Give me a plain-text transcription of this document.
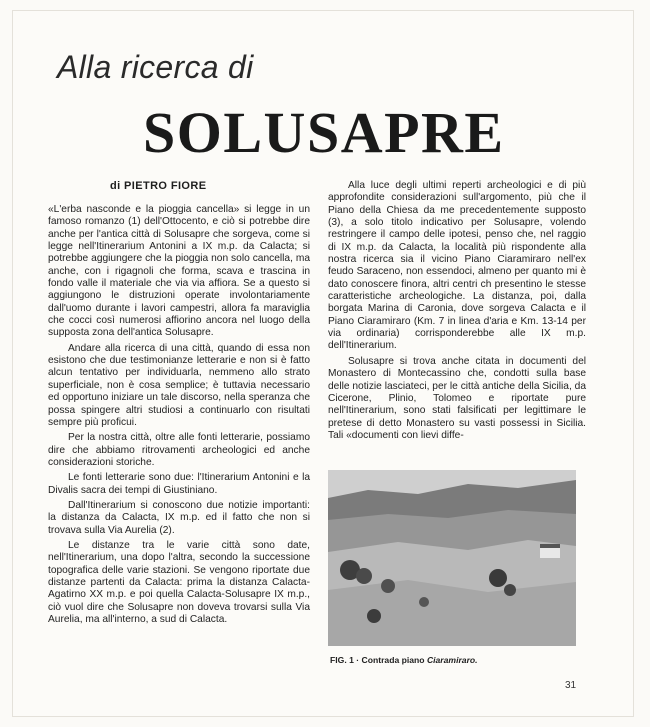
Alla ricerca di
SOLUSAPRE
di PIETRO FIORE

«L'erba nasconde e la pioggia cancella» si legge in un famoso romanzo (1) dell'Ottocento, e ciò si potrebbe dire anche per l'antica città di Solusapre che sorgeva, come si legge nell'Itinerarium Antonini a IX m.p. da Calacta; si potrebbe aggiungere che la pioggia non solo cancella, ma anche, con i rigagnoli che forma, scava e trascina in fondo valle il materiale che via via affiora. Se a questo si aggiungono le distruzioni operate involontariamente dall'uomo durante i lavori campestri, allora fa maraviglia che cocci così numerosi affiorino ancora nel luogo della supposta zona dell'antica Solusapre.

Andare alla ricerca di una città, quando di essa non esistono che due testimonianze letterarie e non si è fatto alcun tentativo per individuarla, nemmeno allo strato superficiale, non è cosa semplice; è tuttavia necessario ed opportuno iniziare un tale discorso, nella speranza che possa spingere altri studiosi a continuarlo con risultati sempre più proficui.

Per la nostra città, oltre alle fonti letterarie, possiamo dire che abbiamo ritrovamenti archeologici ed anche considerazioni storiche.

Le fonti letterarie sono due: l'Itinerarium Antonini e la Divalis sacra dei tempi di Giustiniano.

Dall'Itinerarium si conoscono due notizie importanti: la distanza da Calacta, IX m.p. ed il fatto che non si trovava sulla Via Aurelia (2).

Le distanze tra le varie città sono date, nell'Itinerarium, una dopo l'altra, secondo la successione topografica delle varie stazioni. Se vengono riportate due distanze partenti da Calacta: prima la distanza Calacta-Agatirno XX m.p. e poi quella Calacta-Solusapre IX m.p., ciò vuol dire che Solusapre non doveva trovarsi sulla Via Aurelia, ma all'interno, a sud di Calacta.

Alla luce degli ultimi reperti archeologici e di più approfondite considerazioni sull'argomento, più che il Piano della Chiesa da me precedentemente supposto (3), a solo titolo indicativo per Solusapre, volendo restringere il campo delle ipotesi, penso che, nel raggio di IX m.p. da Calacta, la località più rispondente alla nostra ricerca sia il vicino Piano Ciaramiraro nell'ex feudo Saraceno, non essendoci, almeno per quanto mi è dato conoscere finora, altri centri ch presentino le stesse caratteristiche archeologiche. La distanza, poi, dalla borgata Marina di Caronia, dove sorgeva Calacta e il Piano Ciaramiraro (Km. 7 in linea d'aria e Km. 13-14 per via ordinaria) corrisponderebbe alle IX m.p. dell'Itinerarium.

Solusapre si trova anche citata in documenti del Monastero di Montecassino che, condotti sulla base delle notizie lasciateci, per le città antiche della Sicilia, da Cicerone, Plinio, Tolomeo e riportate pure nell'Itinerarium, sono stati falsificati per legittimare le pretese di detto Monastero su vasti possessi in Sicilia. Tali «documenti con lievi diffe-

FIG. 1 · Contrada piano Ciaramiraro.
31
